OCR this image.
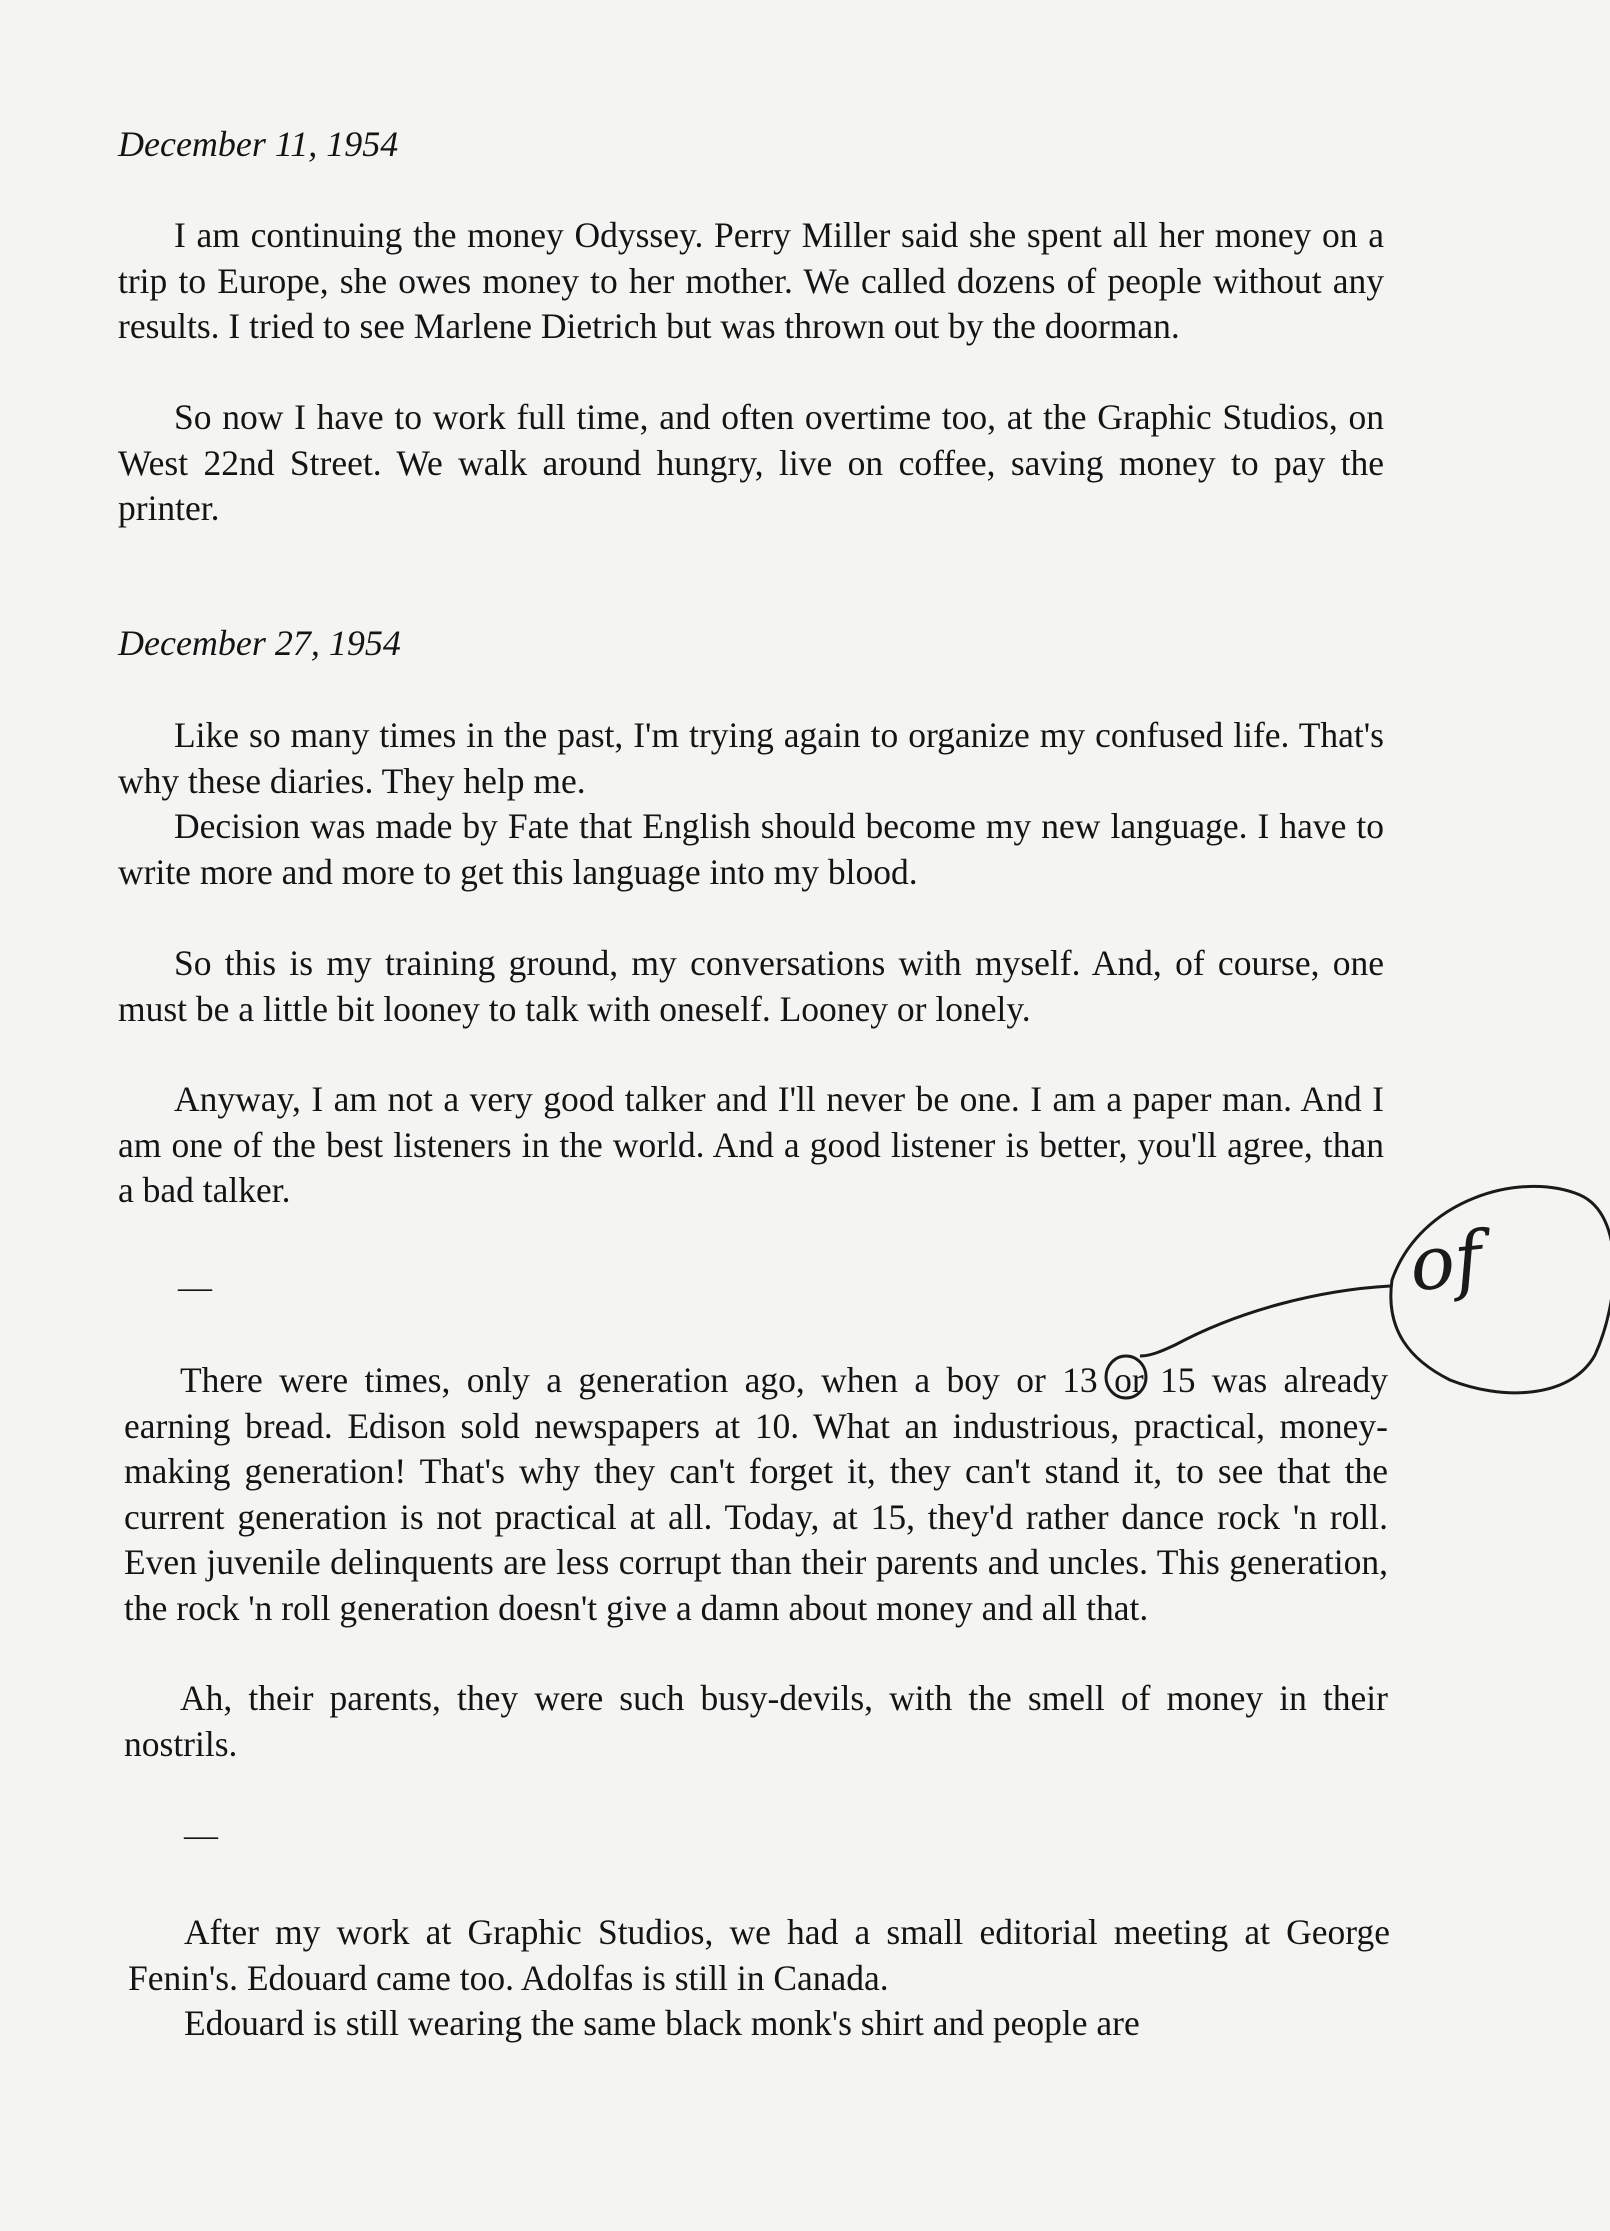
December 11, 1954

I am continuing the money Odyssey. Perry Miller said she spent all her money on a trip to Europe, she owes money to her mother. We called dozens of people without any results. I tried to see Marlene Dietrich but was thrown out by the doorman.

So now I have to work full time, and often overtime too, at the Graphic Studios, on West 22nd Street. We walk around hungry, live on coffee, saving money to pay the printer.

December 27, 1954

Like so many times in the past, I'm trying again to organize my confused life. That's why these diaries. They help me.

Decision was made by Fate that English should become my new language. I have to write more and more to get this language into my blood.

So this is my training ground, my conversations with myself. And, of course, one must be a little bit looney to talk with oneself. Looney or lonely.

Anyway, I am not a very good talker and I'll never be one. I am a paper man. And I am one of the best listeners in the world. And a good listener is better, you'll agree, than a bad talker.

—

There were times, only a generation ago, when a boy or 13 or 15 was already earning bread. Edison sold newspapers at 10. What an industrious, practical, money-making generation! That's why they can't forget it, they can't stand it, to see that the current generation is not practical at all. Today, at 15, they'd rather dance rock 'n roll. Even juvenile delinquents are less corrupt than their parents and uncles. This generation, the rock 'n roll generation doesn't give a damn about money and all that.

Ah, their parents, they were such busy-devils, with the smell of money in their nostrils.

—

After my work at Graphic Studios, we had a small editorial meeting at George Fenin's. Edouard came too. Adolfas is still in Canada.

Edouard is still wearing the same black monk's shirt and people are

of
